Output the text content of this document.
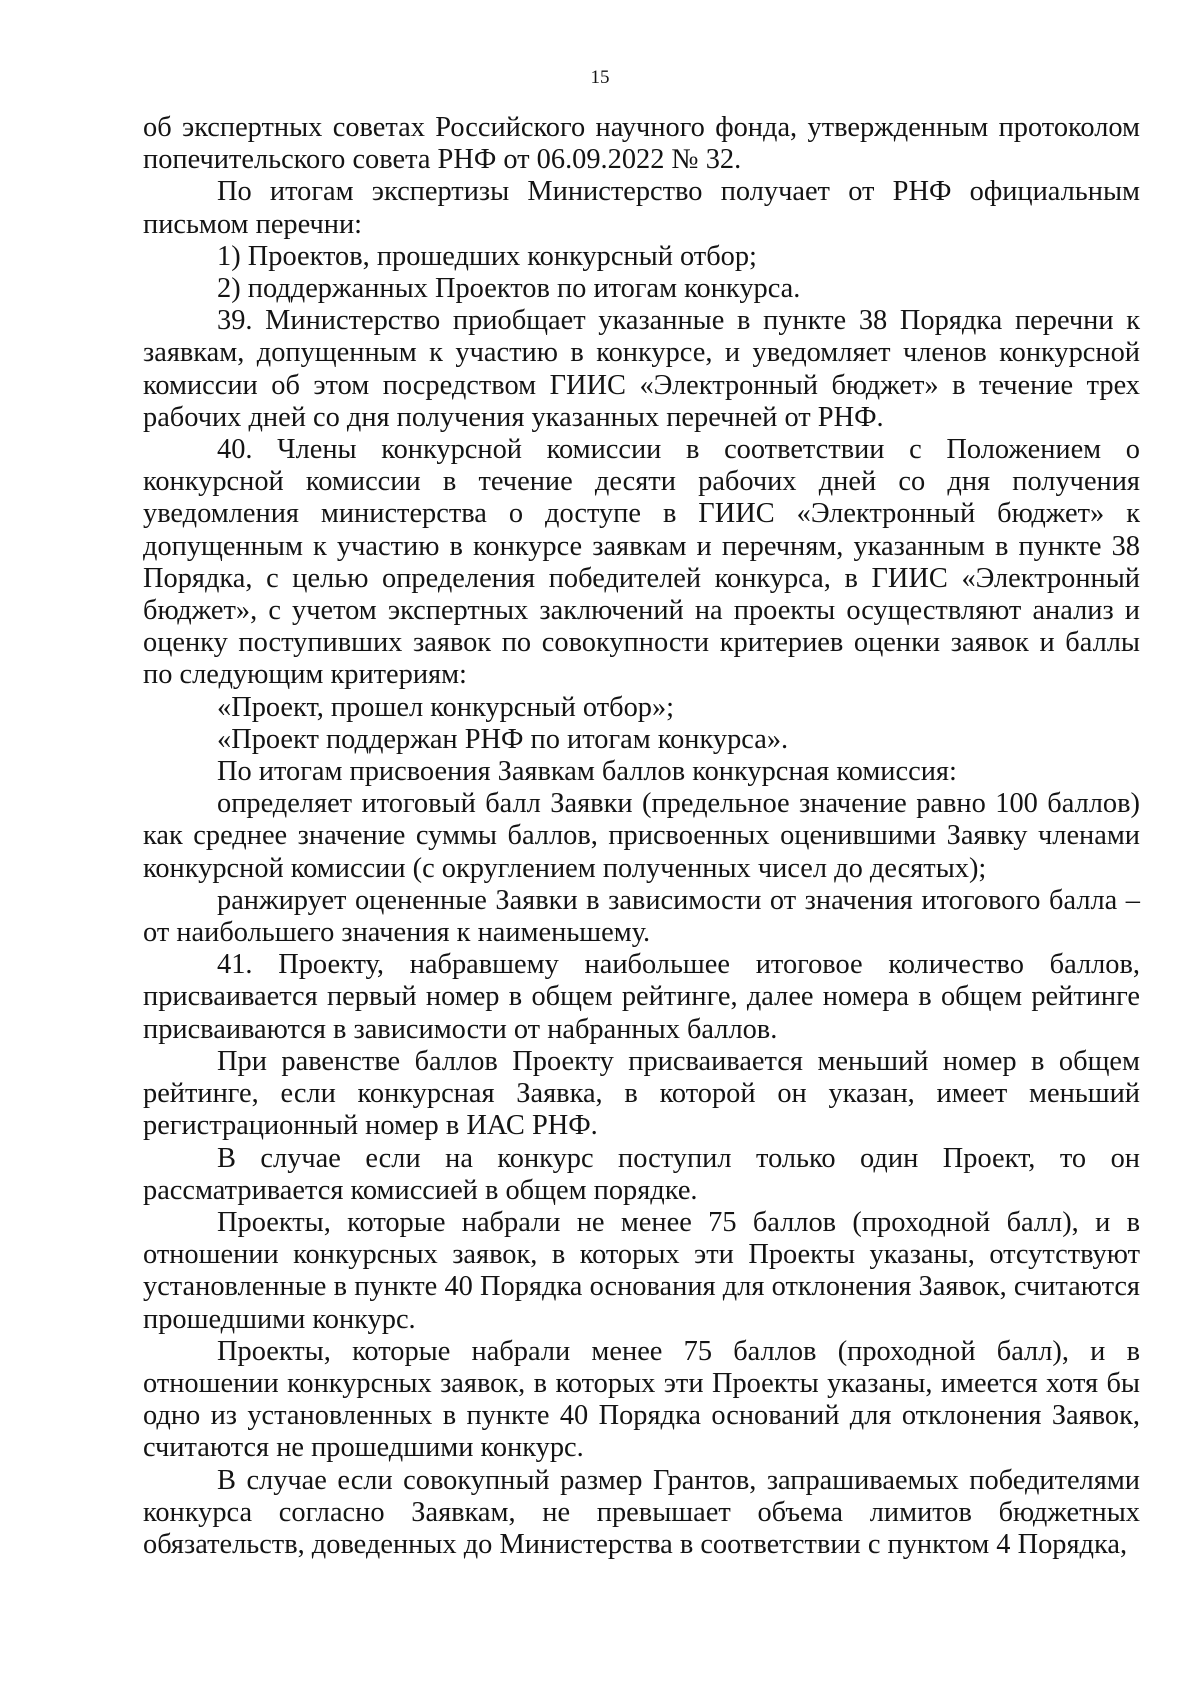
15

об экспертных советах Российского научного фонда, утвержденным протоколом попечительского совета РНФ от 06.09.2022 № 32.

По итогам экспертизы Министерство получает от РНФ официальным письмом перечни:

1) Проектов, прошедших конкурсный отбор;

2) поддержанных Проектов по итогам конкурса.

39. Министерство приобщает указанные в пункте 38 Порядка перечни к заявкам, допущенным к участию в конкурсе, и уведомляет членов конкурсной комиссии об этом посредством ГИИС «Электронный бюджет» в течение трех рабочих дней со дня получения указанных перечней от РНФ.

40. Члены конкурсной комиссии в соответствии с Положением о конкурсной комиссии в течение десяти рабочих дней со дня получения уведомления министерства о доступе в ГИИС «Электронный бюджет» к допущенным к участию в конкурсе заявкам и перечням, указанным в пункте 38 Порядка, с целью определения победителей конкурса, в ГИИС «Электронный бюджет», с учетом экспертных заключений на проекты осуществляют анализ и оценку поступивших заявок по совокупности критериев оценки заявок и баллы по следующим критериям:

«Проект, прошел конкурсный отбор»;

«Проект поддержан РНФ по итогам конкурса».

По итогам присвоения Заявкам баллов конкурсная комиссия:

определяет итоговый балл Заявки (предельное значение равно 100 баллов) как среднее значение суммы баллов, присвоенных оценившими Заявку членами конкурсной комиссии (с округлением полученных чисел до десятых);

ранжирует оцененные Заявки в зависимости от значения итогового балла – от наибольшего значения к наименьшему.

41. Проекту, набравшему наибольшее итоговое количество баллов, присваивается первый номер в общем рейтинге, далее номера в общем рейтинге присваиваются в зависимости от набранных баллов.

При равенстве баллов Проекту присваивается меньший номер в общем рейтинге, если конкурсная Заявка, в которой он указан, имеет меньший регистрационный номер в ИАС РНФ.

В случае если на конкурс поступил только один Проект, то он рассматривается комиссией в общем порядке.

Проекты, которые набрали не менее 75 баллов (проходной балл), и в отношении конкурсных заявок, в которых эти Проекты указаны, отсутствуют установленные в пункте 40 Порядка основания для отклонения Заявок, считаются прошедшими конкурс.

Проекты, которые набрали менее 75 баллов (проходной балл), и в отношении конкурсных заявок, в которых эти Проекты указаны, имеется хотя бы одно из установленных в пункте 40 Порядка оснований для отклонения Заявок, считаются не прошедшими конкурс.

В случае если совокупный размер Грантов, запрашиваемых победителями конкурса согласно Заявкам, не превышает объема лимитов бюджетных обязательств, доведенных до Министерства в соответствии с пунктом 4 Порядка,
